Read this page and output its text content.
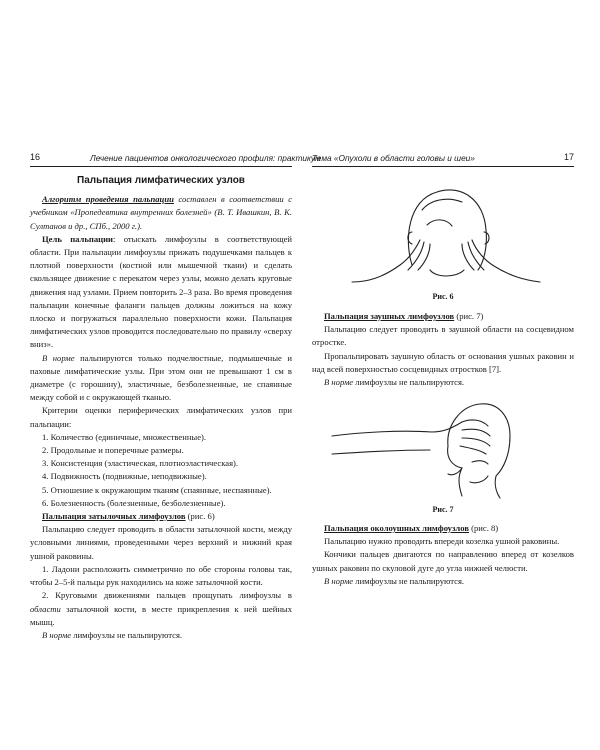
16	Лечение пациентов онкологического профиля: практикум
Пальпация лимфатических узлов

Алгоритм проведения пальпации составлен в соответствии с учебником «Пропедевтика внутренних болезней» (В. Т. Ивашкин, В. К. Султанов и др., СПб., 2000 г.).

Цель пальпации: отыскать лимфоузлы в соответствующей области. При пальпации лимфоузлы прижать подушечками пальцев к плотной поверхности (костной или мышечной ткани) и сделать скользящее движение с перекатом через узлы, можно делать круговые движения над узлами. Прием повторить 2–3 раза. Во время проведения пальпации конечные фаланги пальцев должны ложиться на кожу плоско и погружаться параллельно поверхности кожи. Пальпация лимфатических узлов проводится последовательно по правилу «сверху вниз».

В норме пальпируются только подчелюстные, подмышечные и паховые лимфатические узлы. При этом они не превышают 1 см в диаметре (с горошину), эластичные, безболезненные, не спаянные между собой и с окружающей тканью.

Критерии оценки периферических лимфатических узлов при пальпации:

1. Количество (единичные, множественные).
2. Продольные и поперечные размеры.
3. Консистенция (эластическая, плотноэластическая).
4. Подвижность (подвижные, неподвижные).
5. Отношение к окружающим тканям (спаянные, неспаянные).
6. Болезненность (болезненные, безболезненные).

Пальпация затылочных лимфоузлов (рис. 6)

Пальпацию следует проводить в области затылочной кости, между условными линиями, проведенными через верхний и нижний края ушной раковины.

1. Ладони расположить симметрично по обе стороны головы так, чтобы 2–5-й пальцы рук находились на коже затылочной кости.

2. Круговыми движениями пальцев прощупать лимфоузлы в области затылочной кости, в месте прикрепления к ней шейных мышц.

В норме лимфоузлы не пальпируются.

Тема «Опухоли в области головы и шеи»	17
Рис. 6

Пальпация заушных лимфоузлов (рис. 7)

Пальпацию следует проводить в заушной области на сосцевидном отростке.

Пропальпировать заушную область от основания ушных раковин и над всей поверхностью сосцевидных отростков [7].

В норме лимфоузлы не пальпируются.

Рис. 7

Пальпация околоушных лимфоузлов (рис. 8)

Пальпацию нужно проводить впереди козелка ушной раковины.

Кончики пальцев двигаются по направлению вперед от козелков ушных раковин по скуловой дуге до угла нижней челюсти.

В норме лимфоузлы не пальпируются.
